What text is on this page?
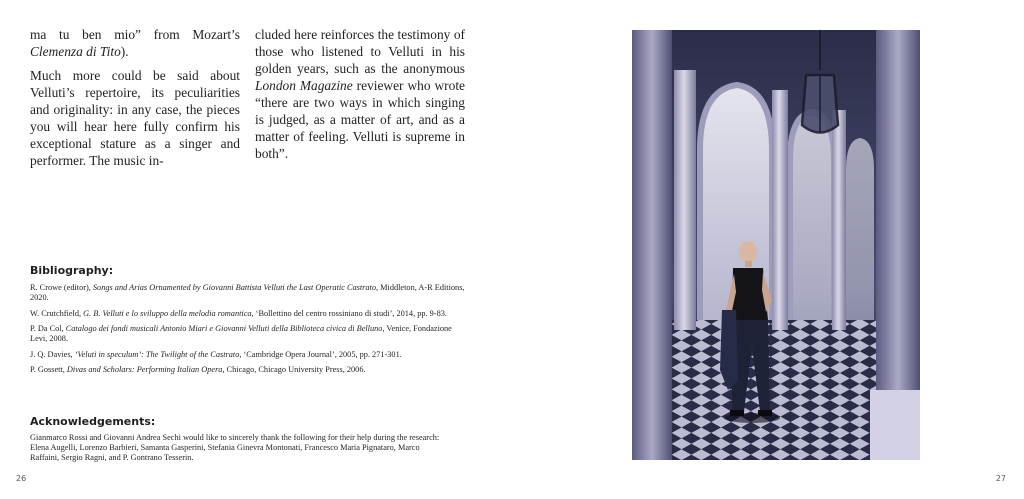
ma tu ben mio” from Mozart’s Clemenza di Tito).

Much more could be said about Velluti’s repertoire, its peculiarities and originality: in any case, the pieces you will hear here fully confirm his exceptional stature as a singer and performer. The music in-

cluded here reinforces the testimony of those who listened to Velluti in his golden years, such as the anonymous London Magazine reviewer who wrote “there are two ways in which singing is judged, as a matter of art, and as a matter of feeling. Velluti is supreme in both”.

Bibliography:
R. Crowe (editor), Songs and Arias Ornamented by Giovanni Battista Velluti the Last Operatic Castrato, Middleton, A-R Editions, 2020.
W. Crutchfield, G. B. Velluti e lo sviluppo della melodia romantica, ‘Bollettino del centro rossiniano di studi’, 2014, pp. 9-83.
P. Da Col, Catalogo dei fondi musicali Antonio Miari e Giovanni Velluti della Biblioteca civica di Belluno, Venice, Fondazione Levi, 2008.
J. Q. Davies, ‘Veluti in speculum’: The Twilight of the Castrato, ‘Cambridge Opera Journal’, 2005, pp. 271-301.
P. Gossett, Divas and Scholars: Performing Italian Opera, Chicago, Chicago University Press, 2006.
Acknowledgements:

Gianmarco Rossi and Giovanni Andrea Sechi would like to sincerely thank the following for their help during the research: Elena Augelli, Lorenzo Barbieri, Samanta Gasperini, Stefania Ginevra Montonati, Francesco Maria Pignataro, Marco Raffaini, Sergio Ragni, and P. Gontrano Tesserin.

26	27
